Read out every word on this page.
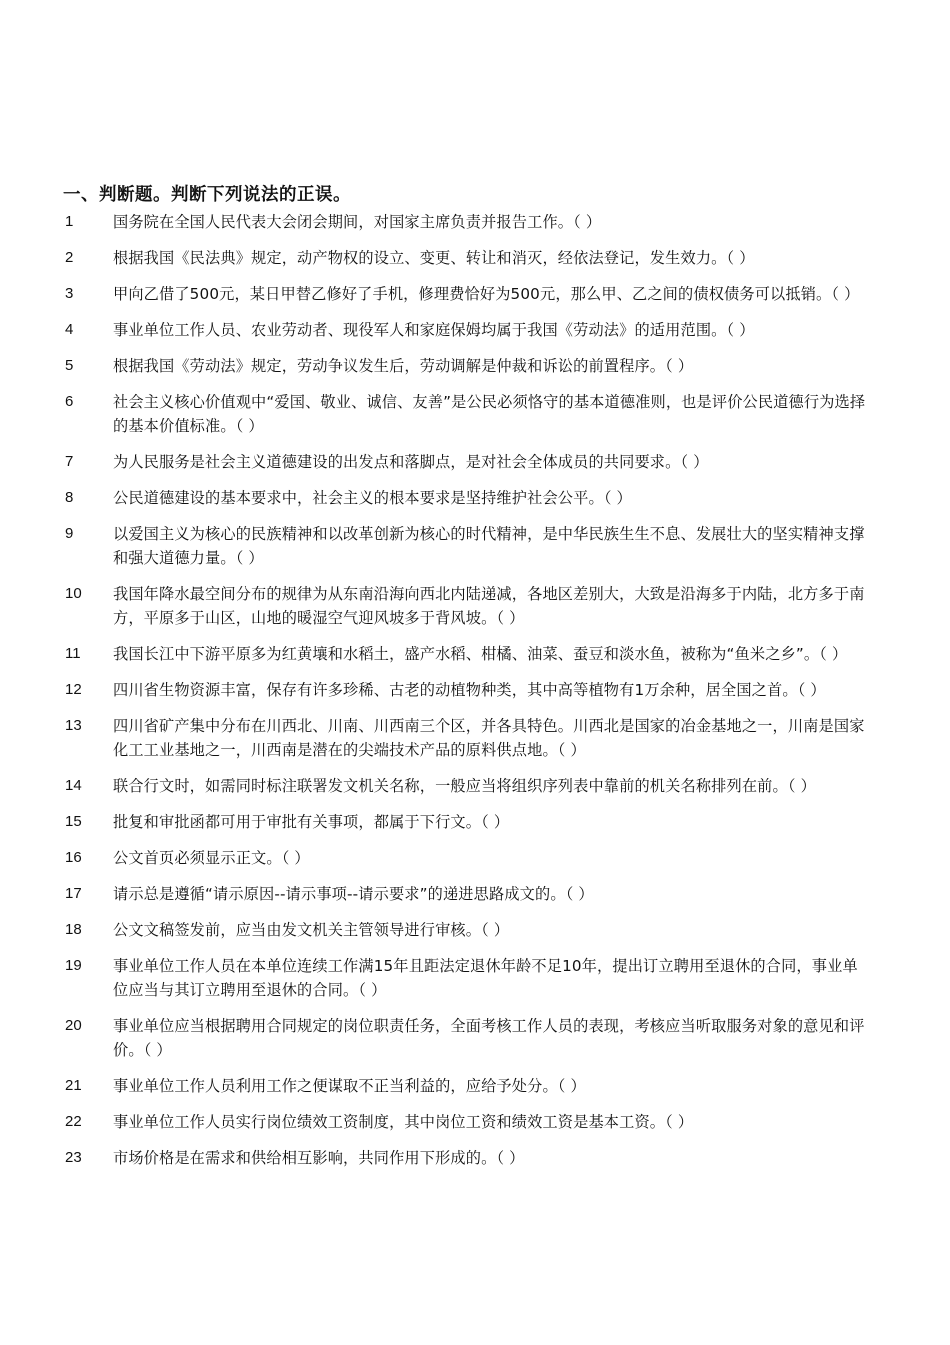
一、判断题。判断下列说法的正误。
1	国务院在全国人民代表大会闭会期间，对国家主席负责并报告工作。（ ）
2	根据我国《民法典》规定，动产物权的设立、变更、转让和消灭，经依法登记，发生效力。（ ）
3	甲向乙借了500元，某日甲替乙修好了手机，修理费恰好为500元，那么甲、乙之间的债权债务可以抵销。（ ）
4	事业单位工作人员、农业劳动者、现役军人和家庭保姆均属于我国《劳动法》的适用范围。（ ）
5	根据我国《劳动法》规定，劳动争议发生后，劳动调解是仲裁和诉讼的前置程序。（ ）
6	社会主义核心价值观中“爱国、敬业、诚信、友善”是公民必须恪守的基本道德准则，也是评价公民道德行为选择的基本价值标准。（ ）
7	为人民服务是社会主义道德建设的出发点和落脚点，是对社会全体成员的共同要求。（ ）
8	公民道德建设的基本要求中，社会主义的根本要求是坚持维护社会公平。（ ）
9	以爱国主义为核心的民族精神和以改革创新为核心的时代精神，是中华民族生生不息、发展壮大的坚实精神支撑和强大道德力量。（ ）
10	我国年降水最空间分布的规律为从东南沿海向西北内陆递减，各地区差别大，大致是沿海多于内陆，北方多于南方，平原多于山区，山地的暖湿空气迎风坡多于背风坡。（ ）
11	我国长江中下游平原多为红黄壤和水稻土，盛产水稻、柑橘、油菜、蚕豆和淡水鱼，被称为“鱼米之乡”。（ ）
12	四川省生物资源丰富，保存有许多珍稀、古老的动植物种类，其中高等植物有1万余种，居全国之首。（ ）
13	四川省矿产集中分布在川西北、川南、川西南三个区，并各具特色。川西北是国家的冶金基地之一，川南是国家化工工业基地之一，川西南是潜在的尖端技术产品的原料供点地。（ ）
14	联合行文时，如需同时标注联署发文机关名称，一般应当将组织序列表中靠前的机关名称排列在前。（ ）
15	批复和审批函都可用于审批有关事项，都属于下行文。（ ）
16	公文首页必须显示正文。（ ）
17	请示总是遵循“请示原因--请示事项--请示要求”的递进思路成文的。（ ）
18	公文文稿签发前，应当由发文机关主管领导进行审核。（ ）
19	事业单位工作人员在本单位连续工作满15年且距法定退休年龄不足10年，提出订立聘用至退休的合同，事业单位应当与其订立聘用至退休的合同。（ ）
20	事业单位应当根据聘用合同规定的岗位职责任务，全面考核工作人员的表现，考核应当听取服务对象的意见和评价。（ ）
21	事业单位工作人员利用工作之便谋取不正当利益的，应给予处分。（ ）
22	事业单位工作人员实行岗位绩效工资制度，其中岗位工资和绩效工资是基本工资。（ ）
23	市场价格是在需求和供给相互影响，共同作用下形成的。（ ）
